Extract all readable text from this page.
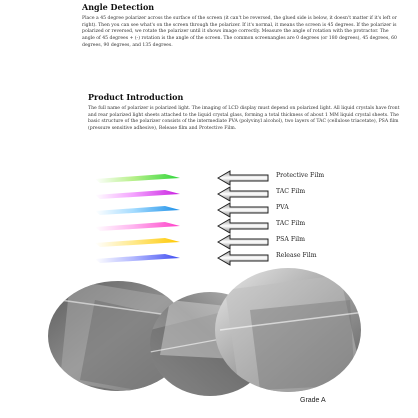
Angle Detection
Place a 45 degree polarizer across the surface of the screen (it can't be reversed, the glued side is below, it doesn't matter if it's left or right). Then you can see what's on the screen through the polarizer. If it's normal, it means the screen is 45 degrees. If the polarizer is polarized or reversed, we rotate the polarizer until it shows image correctly. Measure the angle of rotation with the protractor. The angle of 45 degrees + (-) rotation is the angle of the screen. The common screenangles are 0 degrees (or 180 degrees), 45 degrees, 60 degrees, 90 degrees, and 135 degrees.
Product Introduction
The full name of polarizer is polarized light. The imaging of LCD display must depend on polarized light. All liquid crystals have front and rear polarized light sheets attached to the liquid crystal glass, forming a total thickness of about 1 MM liquid crystal sheets. The basic structure of the polarizer consists of the intermediate PVA (polyvinyl alcohol), two layers of TAC (cellulose triacetate), PSA film (pressure sensitive adhesive), Release film and Protective Film.
Protective Film
TAC Film
PVA
TAC Film
PSA Film
Release Film
Grade A
